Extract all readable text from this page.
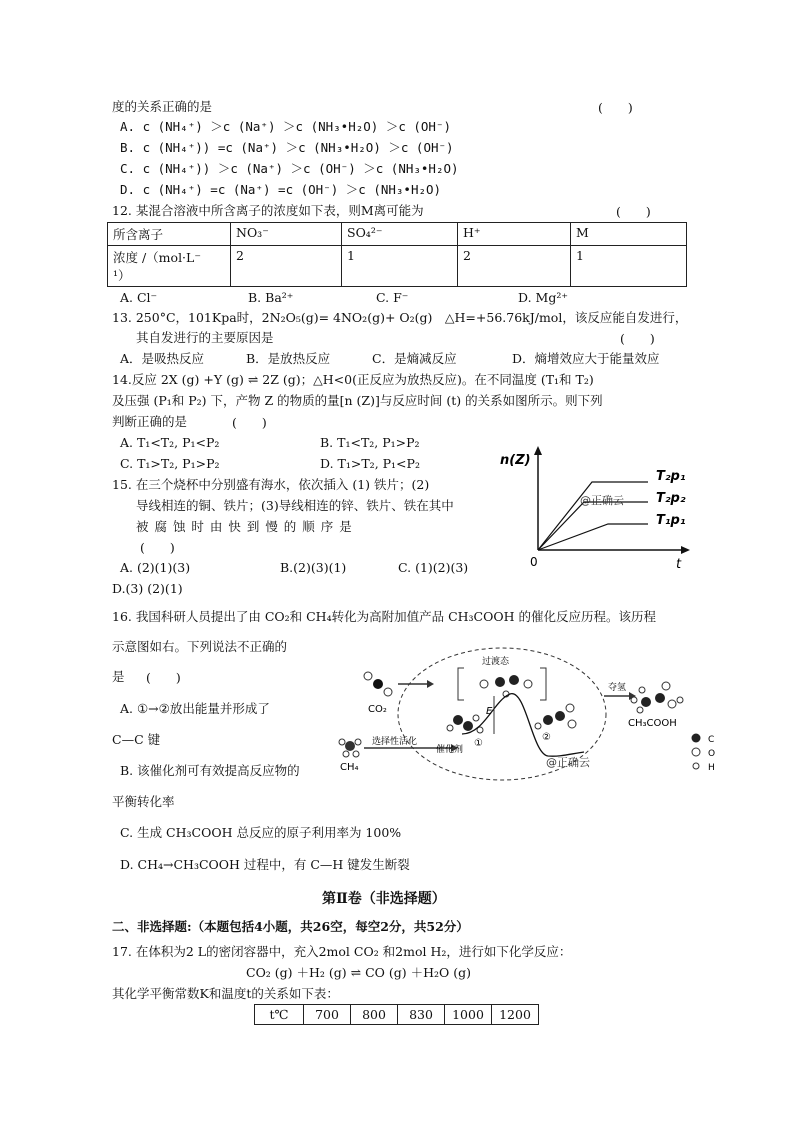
度的关系正确的是	(　　)
A. c (NH₄⁺) ＞c (Na⁺) ＞c (NH₃•H₂O) ＞c (OH⁻)
B. c (NH₄⁺)) =c (Na⁺) ＞c (NH₃•H₂O) ＞c (OH⁻)
C. c (NH₄⁺)) ＞c (Na⁺) ＞c (OH⁻) ＞c (NH₃•H₂O)
D. c (NH₄⁺) =c (Na⁺) =c (OH⁻) ＞c (NH₃•H₂O)
12. 某混合溶液中所含离子的浓度如下表，则M离可能为	(　　)
所含离子	NO₃⁻	SO₄²⁻	H⁺	M

浓度 /（mol·L⁻
¹）	2	1	2	1
A. Cl⁻	B. Ba²⁺	C. F⁻	D. Mg²⁺
13. 250°C，101Kpa时，2N₂O₅(g)= 4NO₂(g)+ O₂(g)　△H=+56.76kJ/mol，该反应能自发进行，
其自发进行的主要原因是	(　　)
A．是吸热反应	B．是放热反应	C．是熵减反应	D．熵增效应大于能量效应
14.反应 2X (g) +Y (g) ⇌ 2Z (g)；△H<0(正反应为放热反应)。在不同温度 (T₁和 T₂)
及压强 (P₁和 P₂) 下，产物 Z 的物质的量[n (Z)]与反应时间 (t) 的关系如图所示。则下列
判断正确的是	(　　)
A. T₁<T₂, P₁<P₂	B. T₁<T₂, P₁>P₂
C. T₁>T₂, P₁>P₂	D. T₁>T₂, P₁<P₂	n(Z)
t
0
T₂p₁
T₂p₂
T₁p₁
@正确云
15. 在三个烧杯中分别盛有海水，依次插入 (1) 铁片；(2)
导线相连的铜、铁片；(3)导线相连的锌、铁片、铁在其中
被 腐 蚀 时 由 快 到 慢 的 顺 序 是
(　　)
A. (2)(1)(3)	B.(2)(3)(1)	C. (1)(2)(3)
D.(3) (2)(1)
16. 我国科研人员提出了由 CO₂和 CH₄转化为高附加值产品 CH₃COOH 的催化反应历程。该历程
示意图如右。下列说法不正确的
是 (　　)
A. ①→②放出能量并形成了
C—C 键
B. 该催化剂可有效提高反应物的
平衡转化率
C. 生成 CH₃COOH 总反应的原子利用率为 100%
D. CH₄→CH₃COOH 过程中，有 C—H 键发生断裂
CO₂
CH₄
选择性活化
催化剂
①
过渡态
E
②
@正确云
夺氢
CH₃COOH
C
O
H
第Ⅱ卷（非选择题）
二、非选择题:（本题包括4小题，共26空，每空2分，共52分）
17. 在体积为2 L的密闭容器中，充入2mol CO₂ 和2mol H₂，进行如下化学反应：
CO₂ (g) ＋H₂ (g) ⇌ CO (g) ＋H₂O (g)
其化学平衡常数K和温度t的关系如下表：
t℃	700	800	830	1000	1200
